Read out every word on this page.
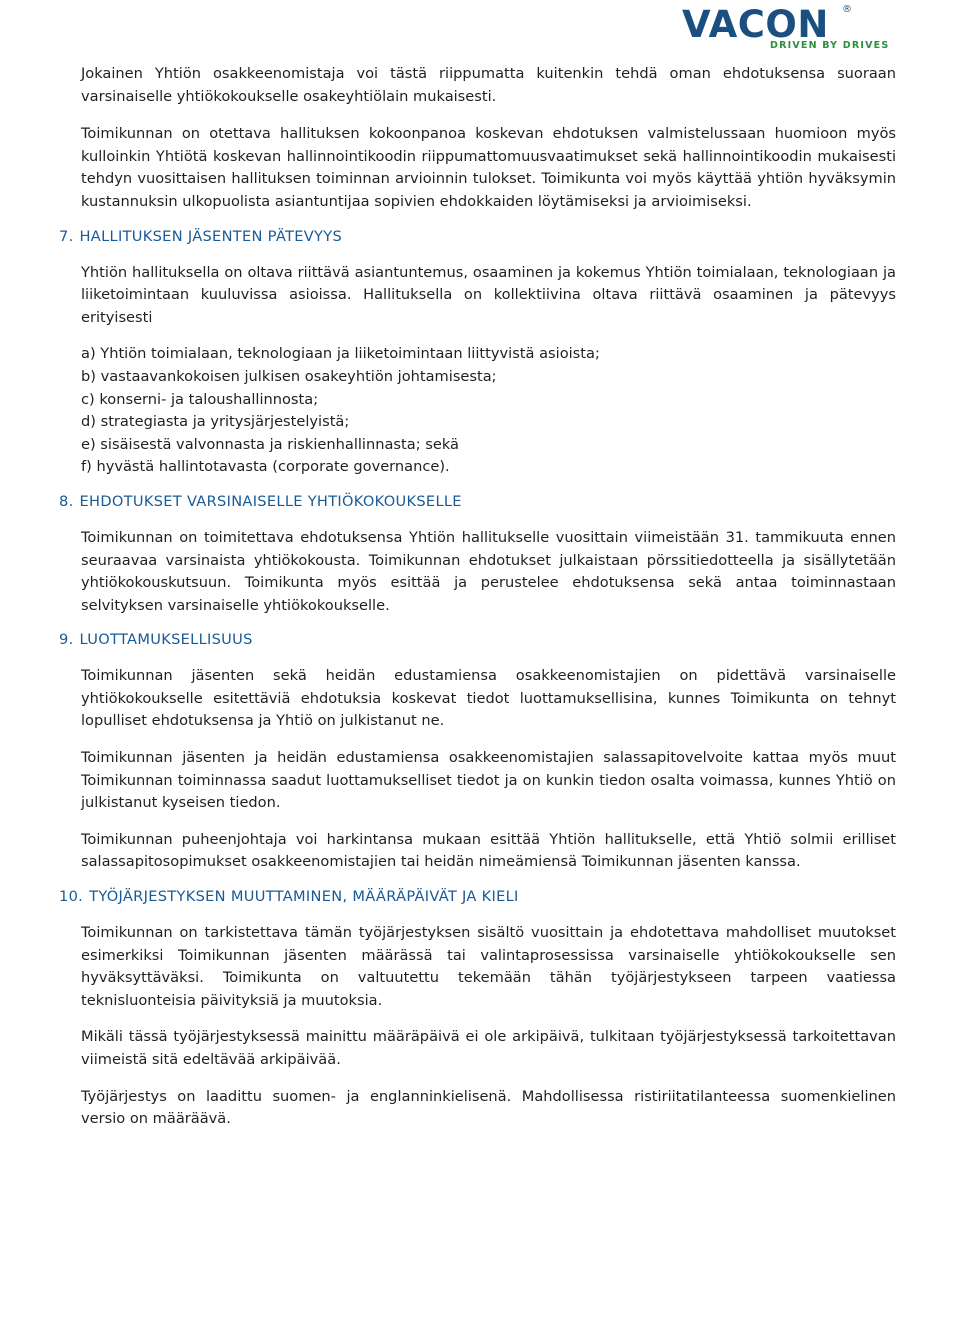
VACON ®
DRIVEN BY DRIVES

Jokainen Yhtiön osakkeenomistaja voi tästä riippumatta kuitenkin tehdä oman ehdotuksensa suoraan varsinaiselle yhtiökokoukselle osakeyhtiölain mukaisesti.

Toimikunnan on otettava hallituksen kokoonpanoa koskevan ehdotuksen valmistelussaan huomioon myös kulloinkin Yhtiötä koskevan hallinnointikoodin riippumattomuusvaatimukset sekä hallinnointikoodin mukaisesti tehdyn vuosittaisen hallituksen toiminnan arvioinnin tulokset. Toimikunta voi myös käyttää yhtiön hyväksymin kustannuksin ulkopuolista asiantuntijaa sopivien ehdokkaiden löytämiseksi ja arvioimiseksi.

7. HALLITUKSEN JÄSENTEN PÄTEVYYS

Yhtiön hallituksella on oltava riittävä asiantuntemus, osaaminen ja kokemus Yhtiön toimialaan, teknologiaan ja liiketoimintaan kuuluvissa asioissa. Hallituksella on kollektiivina oltava riittävä osaaminen ja pätevyys erityisesti

a) Yhtiön toimialaan, teknologiaan ja liiketoimintaan liittyvistä asioista;
b) vastaavankokoisen julkisen osakeyhtiön johtamisesta;
c) konserni- ja taloushallinnosta;
d) strategiasta ja yritysjärjestelyistä;
e) sisäisestä valvonnasta ja riskienhallinnasta; sekä
f) hyvästä hallintotavasta (corporate governance).
8. EHDOTUKSET VARSINAISELLE YHTIÖKOKOUKSELLE

Toimikunnan on toimitettava ehdotuksensa Yhtiön hallitukselle vuosittain viimeistään 31. tammikuuta ennen seuraavaa varsinaista yhtiökokousta. Toimikunnan ehdotukset julkaistaan pörssitiedotteella ja sisällytetään yhtiökokouskutsuun. Toimikunta myös esittää ja perustelee ehdotuksensa sekä antaa toiminnastaan selvityksen varsinaiselle yhtiökokoukselle.

9. LUOTTAMUKSELLISUUS

Toimikunnan jäsenten sekä heidän edustamiensa osakkeenomistajien on pidettävä varsinaiselle yhtiökokoukselle esitettäviä ehdotuksia koskevat tiedot luottamuksellisina, kunnes Toimikunta on tehnyt lopulliset ehdotuksensa ja Yhtiö on julkistanut ne.

Toimikunnan jäsenten ja heidän edustamiensa osakkeenomistajien salassapitovelvoite kattaa myös muut Toimikunnan toiminnassa saadut luottamukselliset tiedot ja on kunkin tiedon osalta voimassa, kunnes Yhtiö on julkistanut kyseisen tiedon.

Toimikunnan puheenjohtaja voi harkintansa mukaan esittää Yhtiön hallitukselle, että Yhtiö solmii erilliset salassapitosopimukset osakkeenomistajien tai heidän nimeämiensä Toimikunnan jäsenten kanssa.

10. TYÖJÄRJESTYKSEN MUUTTAMINEN, MÄÄRÄPÄIVÄT JA KIELI

Toimikunnan on tarkistettava tämän työjärjestyksen sisältö vuosittain ja ehdotettava mahdolliset muutokset esimerkiksi Toimikunnan jäsenten määrässä tai valintaprosessissa varsinaiselle yhtiökokoukselle sen hyväksyttäväksi. Toimikunta on valtuutettu tekemään tähän työjärjestykseen tarpeen vaatiessa teknisluonteisia päivityksiä ja muutoksia.

Mikäli tässä työjärjestyksessä mainittu määräpäivä ei ole arkipäivä, tulkitaan työjärjestyksessä tarkoitettavan viimeistä sitä edeltävää arkipäivää.

Työjärjestys on laadittu suomen- ja englanninkielisenä. Mahdollisessa ristiriitatilanteessa suomenkielinen versio on määräävä.
